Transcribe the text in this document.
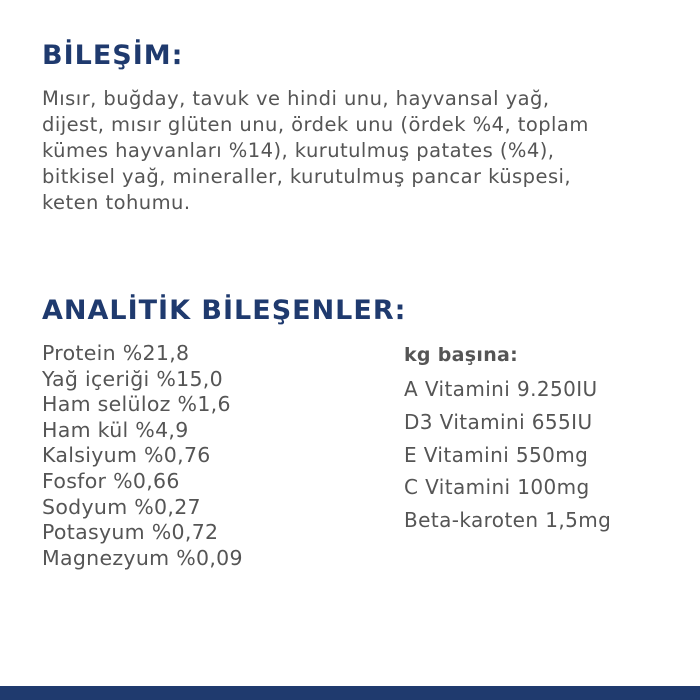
BİLEŞİM:

Mısır, buğday, tavuk ve hindi unu, hayvansal yağ,
dijest, mısır glüten unu, ördek unu (ördek %4, toplam
kümes hayvanları %14), kurutulmuş patates (%4),
bitkisel yağ, mineraller, kurutulmuş pancar küspesi,
keten tohumu.

ANALİTİK BİLEŞENLER:
Protein %21,8
Yağ içeriği %15,0
Ham selüloz %1,6
Ham kül %4,9
Kalsiyum %0,76
Fosfor %0,66
Sodyum %0,27
Potasyum %0,72
Magnezyum %0,09
kg başına:
A Vitamini 9.250IU
D3 Vitamini 655IU
E Vitamini 550mg
C Vitamini 100mg
Beta-karoten 1,5mg
